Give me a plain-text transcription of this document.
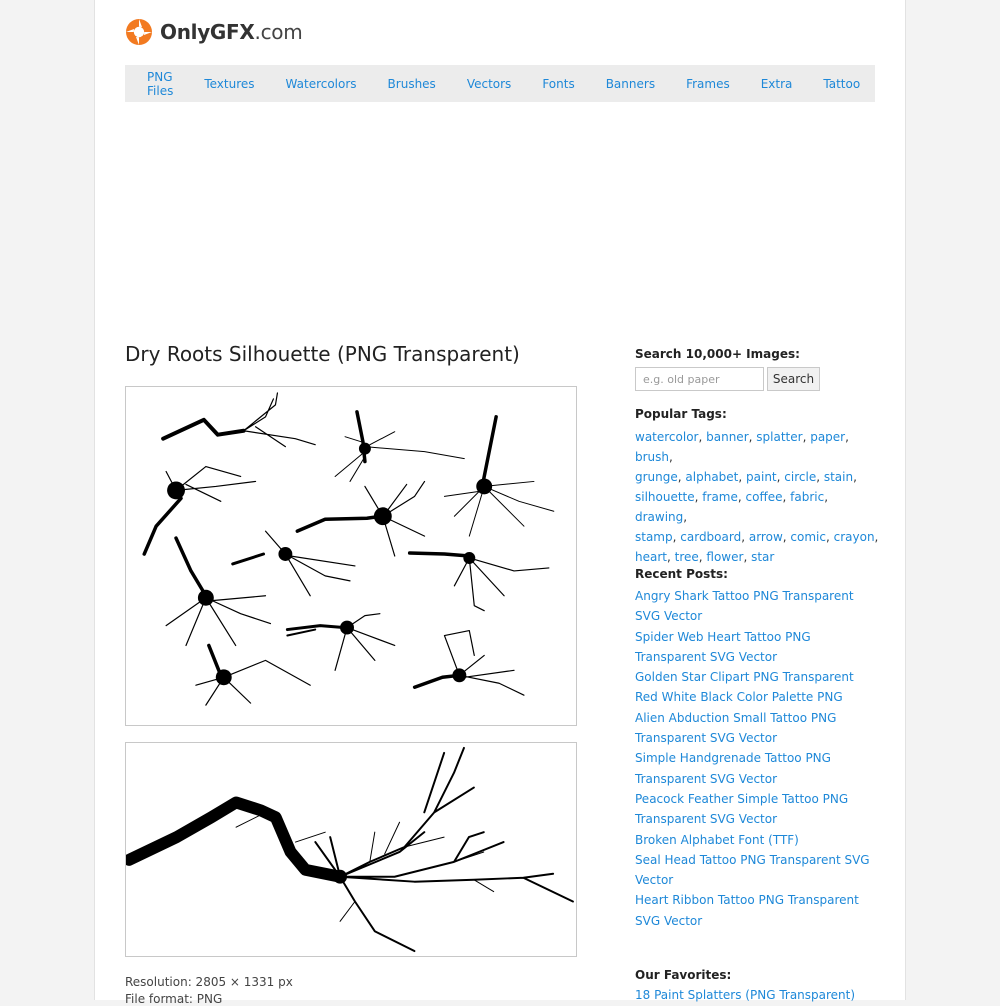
OnlyGFX.com
PNG Files	Textures	Watercolors	Brushes	Vectors	Fonts	Banners	Frames	Extra	Tattoo
Dry Roots Silhouette (PNG Transparent)
Resolution: 2805 × 1331 px
File format: PNG
Search 10,000+ Images:
e.g. old paper
Search
Popular Tags:
watercolor, banner, splatter, paper, brush,
grunge, alphabet, paint, circle, stain,
silhouette, frame, coffee, fabric, drawing,
stamp, cardboard, arrow, comic, crayon,
heart, tree, flower, star
Recent Posts:
Angry Shark Tattoo PNG Transparent SVG Vector
Spider Web Heart Tattoo PNG Transparent SVG Vector
Golden Star Clipart PNG Transparent
Red White Black Color Palette PNG
Alien Abduction Small Tattoo PNG Transparent SVG Vector
Simple Handgrenade Tattoo PNG Transparent SVG Vector
Peacock Feather Simple Tattoo PNG Transparent SVG Vector
Broken Alphabet Font (TTF)
Seal Head Tattoo PNG Transparent SVG Vector
Heart Ribbon Tattoo PNG Transparent SVG Vector
Our Favorites:
18 Paint Splatters (PNG Transparent)
